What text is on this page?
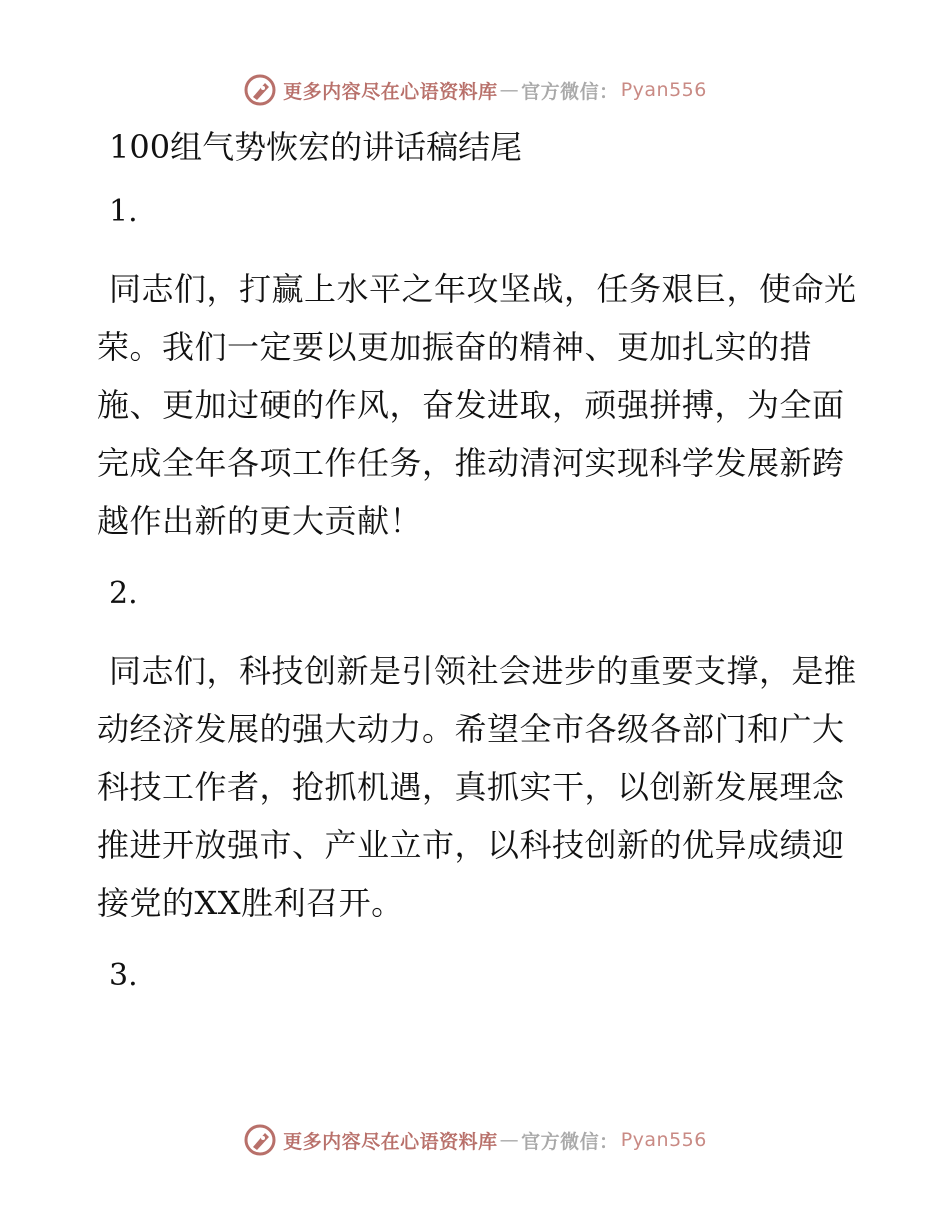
更多内容尽在心语资料库 — 官方微信： Pyan556
100组气势恢宏的讲话稿结尾
1.
同志们，打赢上水平之年攻坚战，任务艰巨，使命光荣。我们一定要以更加振奋的精神、更加扎实的措施、更加过硬的作风，奋发进取，顽强拼搏，为全面完成全年各项工作任务，推动清河实现科学发展新跨越作出新的更大贡献！
2.
同志们，科技创新是引领社会进步的重要支撑，是推动经济发展的强大动力。希望全市各级各部门和广大科技工作者，抢抓机遇，真抓实干，以创新发展理念推进开放强市、产业立市，以科技创新的优异成绩迎接党的XX胜利召开。
3.
更多内容尽在心语资料库 — 官方微信： Pyan556
